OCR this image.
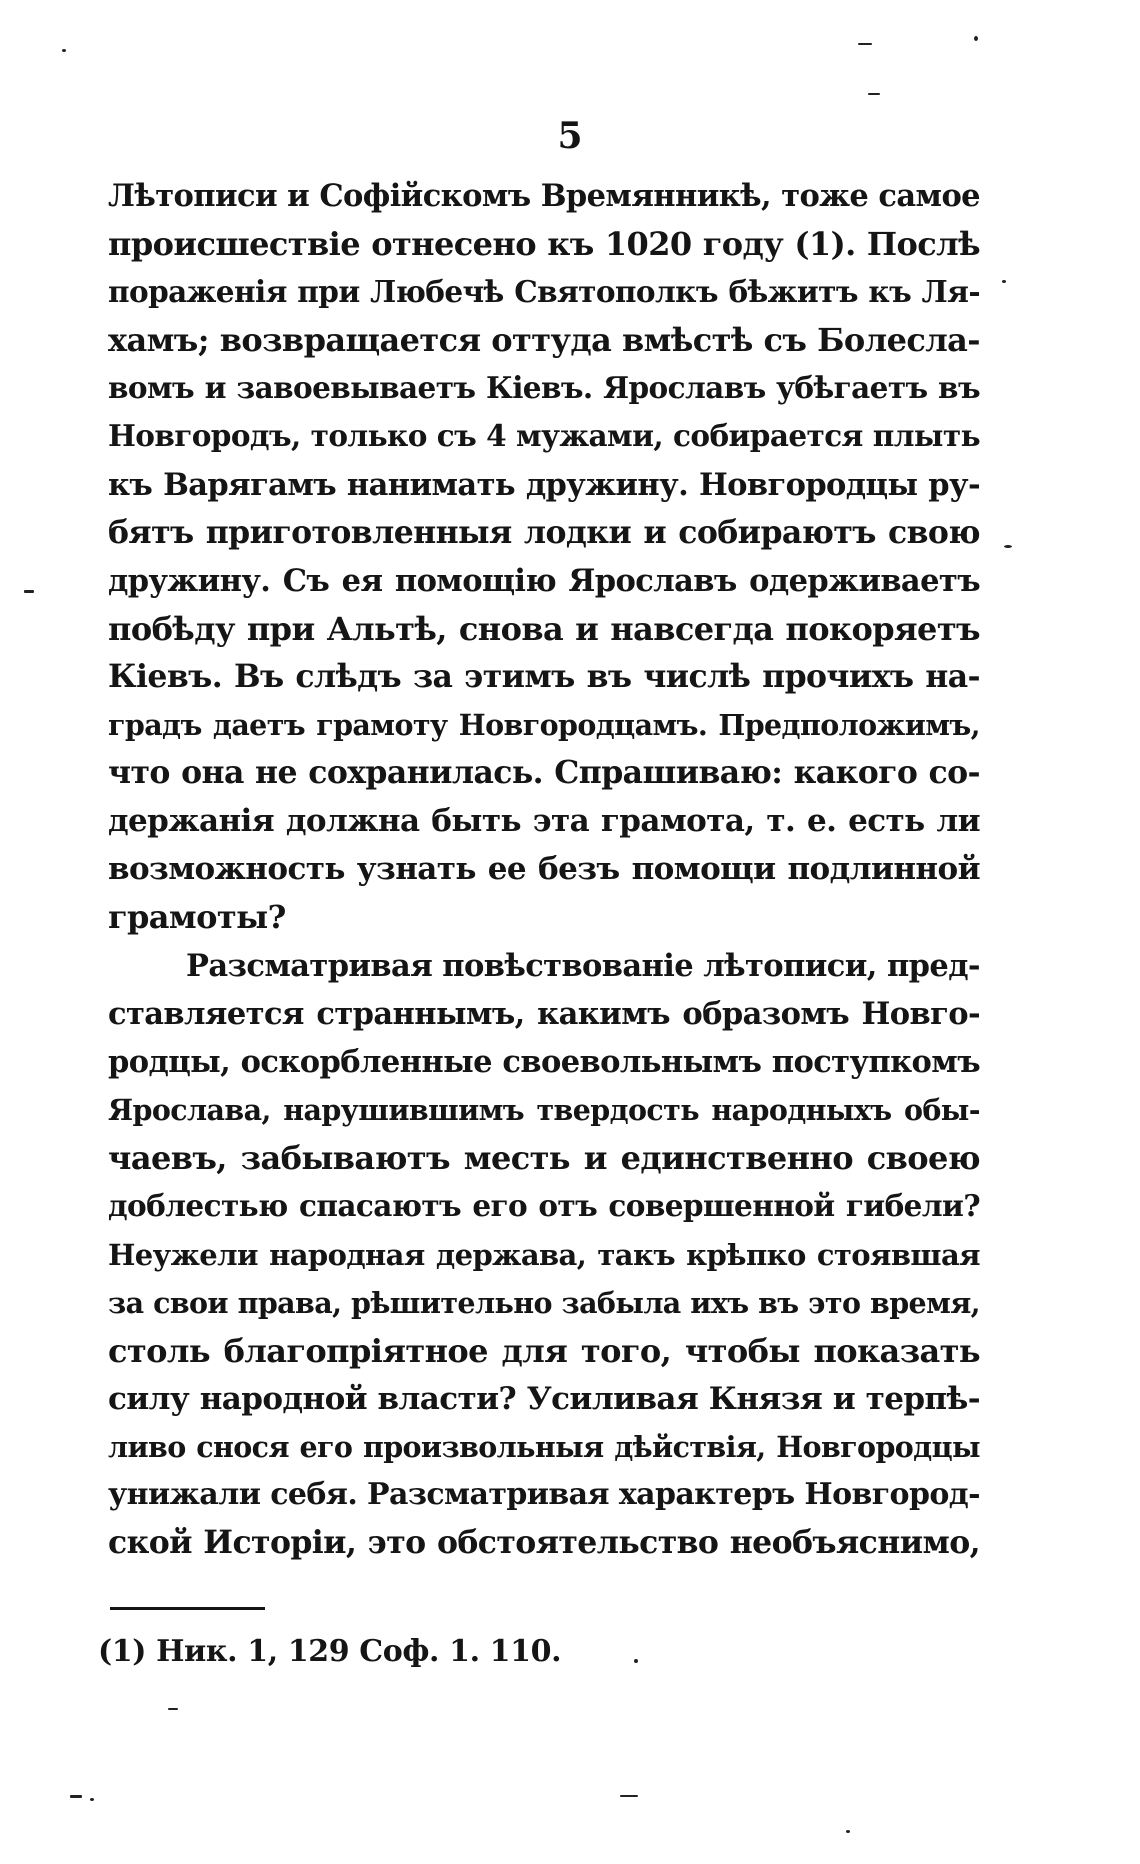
5
Лѣтописи и Софійскомъ Времянникѣ, тоже самое
происшествіе отнесено къ 1020 году (1). Послѣ
пораженія при Любечѣ Святополкъ бѣжитъ къ Ля-
хамъ; возвращается оттуда вмѣстѣ съ Болесла-
вомъ и завоевываетъ Кіевъ. Ярославъ убѣгаетъ въ
Новгородъ, только съ 4 мужами, собирается плыть
къ Варягамъ нанимать дружину. Новгородцы ру-
бятъ приготовленныя лодки и собираютъ свою
дружину. Съ ея помощію Ярославъ одерживаетъ
побѣду при Альтѣ, снова и навсегда покоряетъ
Кіевъ. Въ слѣдъ за этимъ въ числѣ прочихъ на-
градъ даетъ грамоту Новгородцамъ. Предположимъ,
что она не сохранилась. Спрашиваю: какого со-
держанія должна быть эта грамота, т. е. есть ли
возможность узнать ее безъ помощи подлинной
грамоты?
Разсматривая повѣствованіе лѣтописи, пред-
ставляется страннымъ, какимъ образомъ Новго-
родцы, оскорбленные своевольнымъ поступкомъ
Ярослава, нарушившимъ твердость народныхъ обы-
чаевъ, забываютъ месть и единственно своею
доблестью спасаютъ его отъ совершенной гибели?
Неужели народная держава, такъ крѣпко стоявшая
за свои права, рѣшительно забыла ихъ въ это время,
столь благопріятное для того, чтобы показать
силу народной власти? Усиливая Князя и терпѣ-
ливо снося его произвольныя дѣйствія, Новгородцы
унижали себя. Разсматривая характеръ Новгород-
ской Исторіи, это обстоятельство необъяснимо,
(1) Ник. 1, 129 Соф. 1. 110.
